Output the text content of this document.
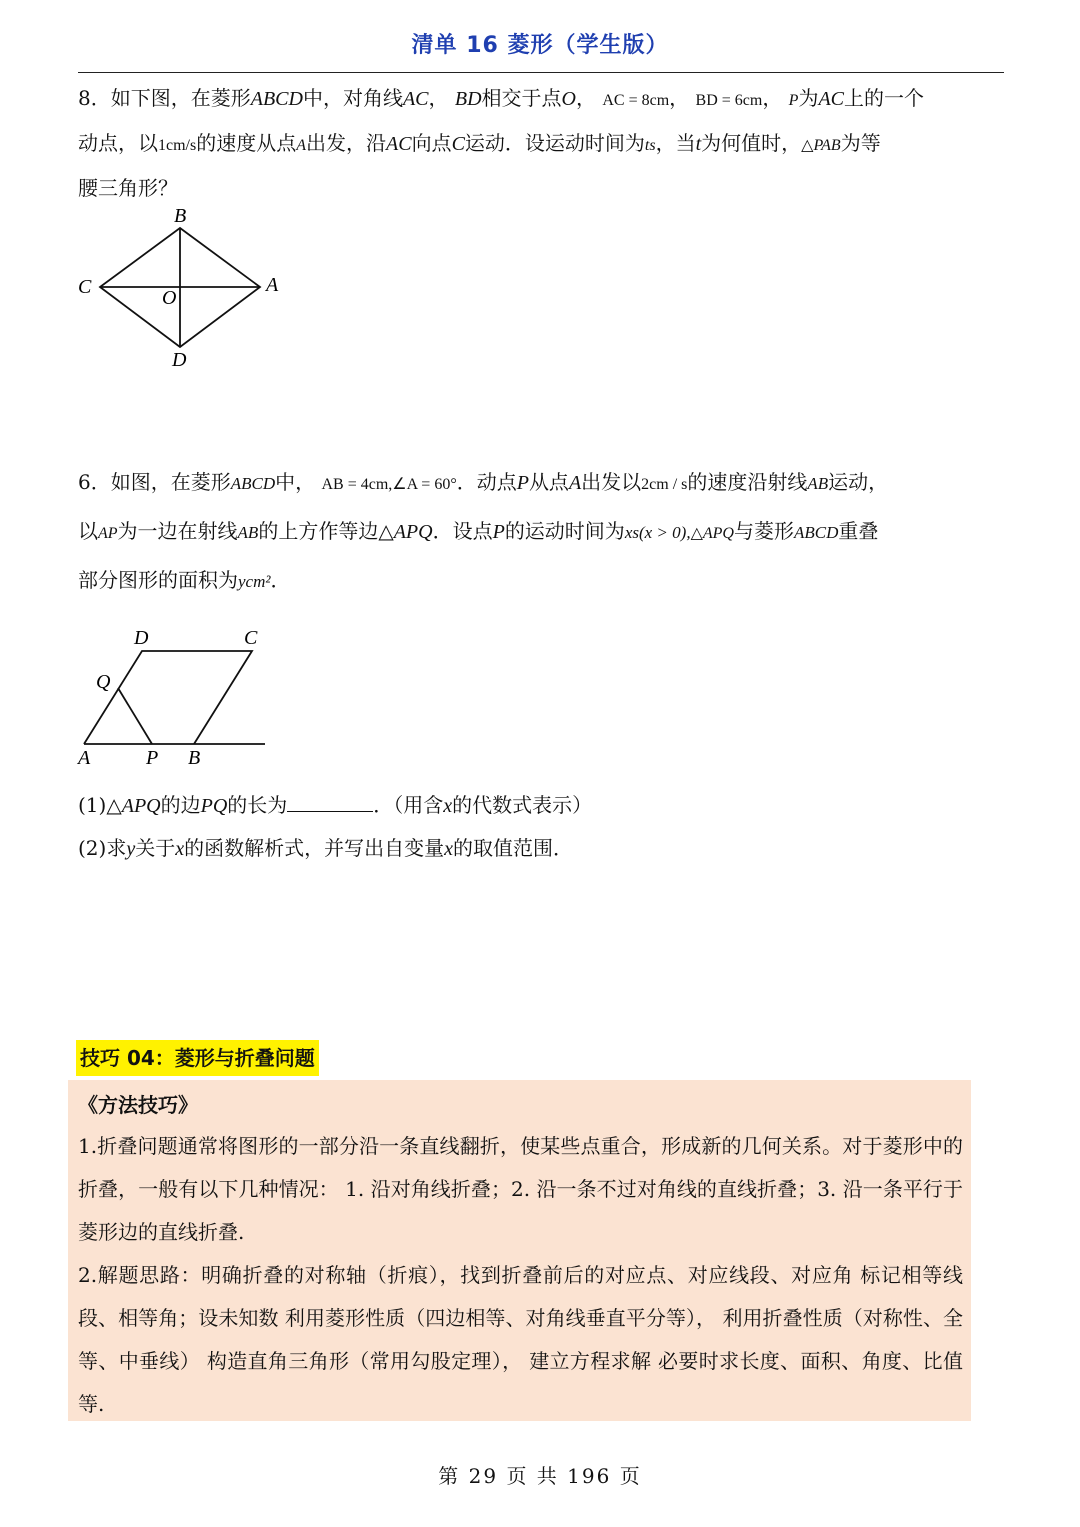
清单 16 菱形（学生版）
8．如下图，在菱形ABCD中，对角线AC， BD相交于点O， AC = 8cm， BD = 6cm， P为AC上的一个
动点，以1cm/s的速度从点A出发，沿AC向点C运动．设运动时间为ts，当t为何值时，△PAB为等
腰三角形？
B
C	O
A
D
6．如图，在菱形ABCD中， AB = 4cm,∠A = 60°．动点P从点A出发以2cm / s的速度沿射线AB运动，
以AP为一边在射线AB的上方作等边△APQ．设点P的运动时间为xs(x > 0),△APQ与菱形ABCD重叠
部分图形的面积为ycm²．
D	C
Q
A	P B
(1)△APQ的边PQ的长为	．（用含x的代数式表示）
(2)求y关于x的函数解析式，并写出自变量x的取值范围．
技巧 04：菱形与折叠问题
《方法技巧》
1.折叠问题通常将图形的一部分沿一条直线翻折，使某些点重合，形成新的几何关系。对于菱形中的折叠，一般有以下几种情况： 1. 沿对角线折叠；2. 沿一条不过对角线的直线折叠；3. 沿一条平行于菱形边的直线折叠.
2.解题思路：明确折叠的对称轴（折痕），找到折叠前后的对应点、对应线段、对应角 标记相等线段、相等角；设未知数 利用菱形性质（四边相等、对角线垂直平分等）， 利用折叠性质（对称性、全等、中垂线） 构造直角三角形（常用勾股定理）， 建立方程求解 必要时求长度、面积、角度、比值等.
第 29 页 共 196 页
